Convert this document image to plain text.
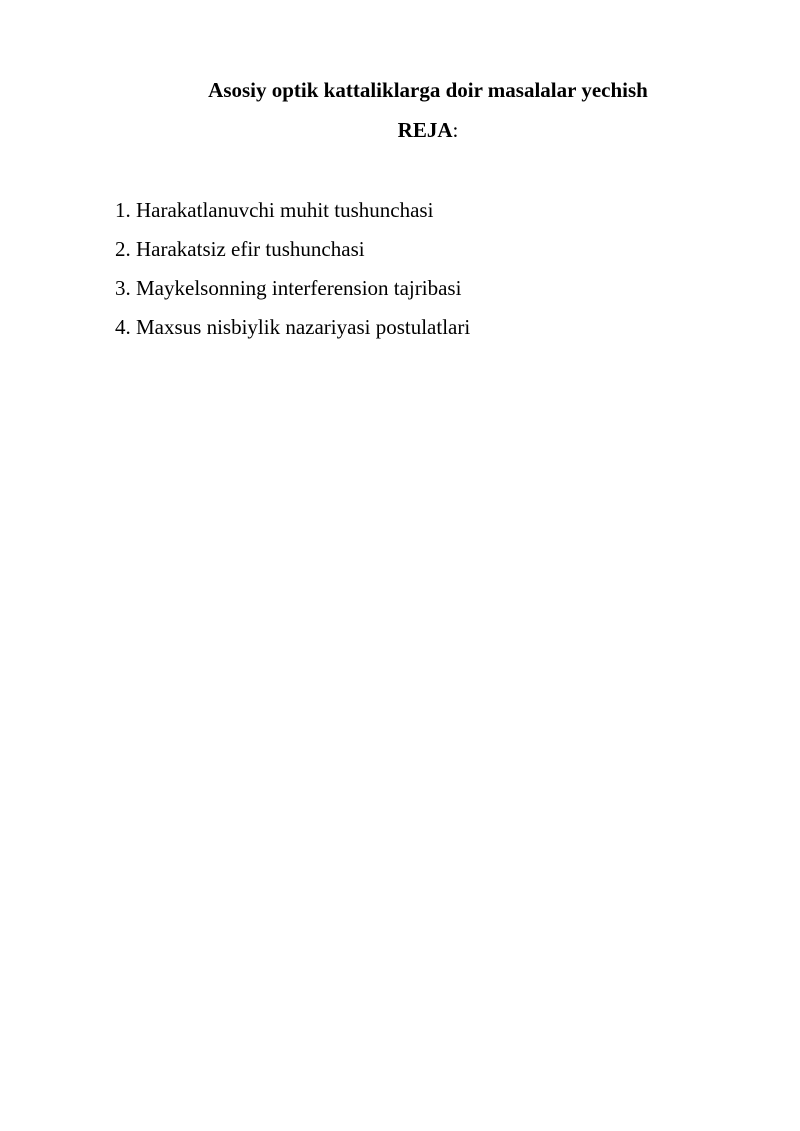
Asosiy optik kattaliklarga doir masalalar yechish
REJA:
1. Harakatlanuvchi muhit tushunchasi
2. Harakatsiz efir tushunchasi
3. Maykelsonning interferension tajribasi
4. Maxsus nisbiylik nazariyasi postulatlari
